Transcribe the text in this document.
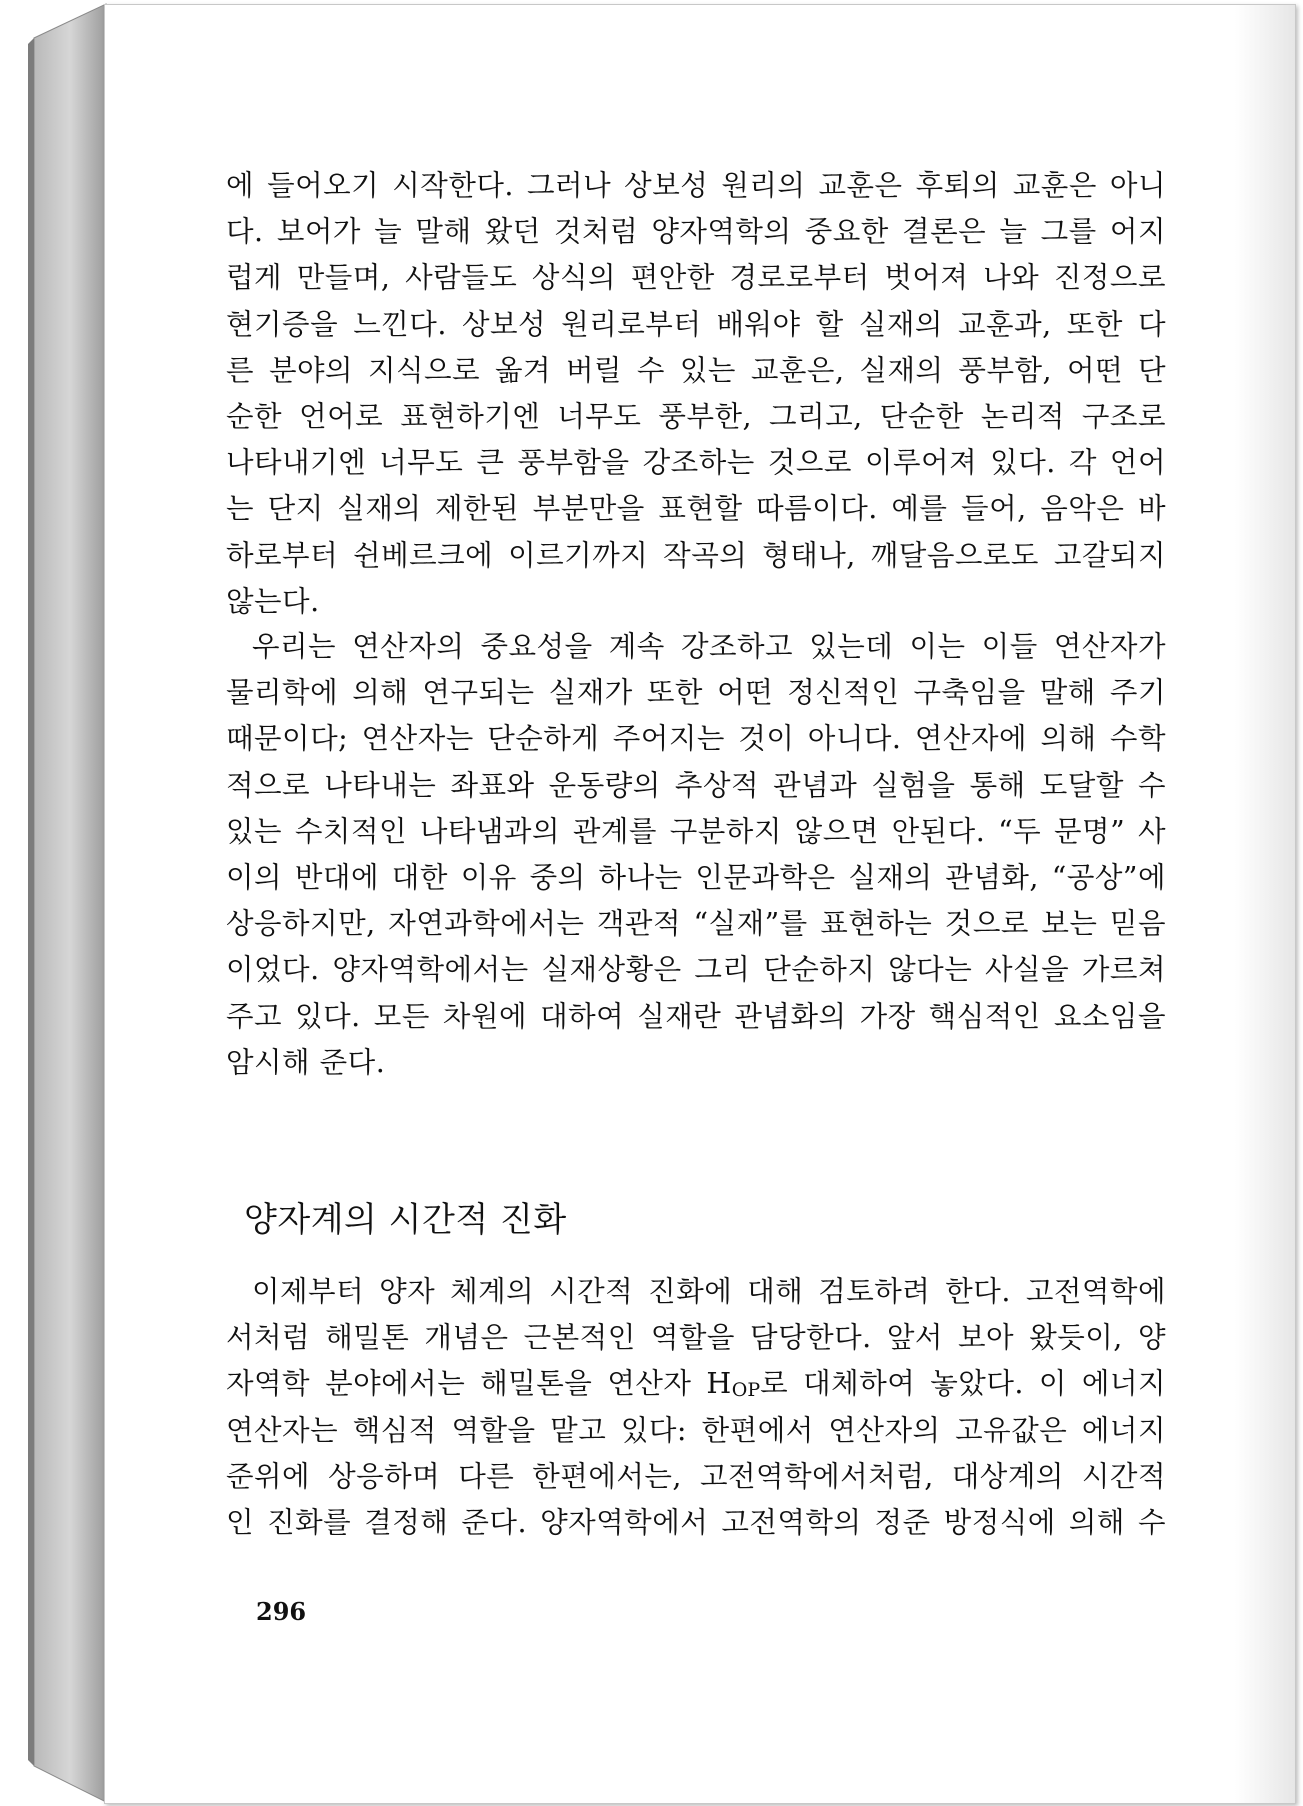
에 들어오기 시작한다. 그러나 상보성 원리의 교훈은 후퇴의 교훈은 아니
다. 보어가 늘 말해 왔던 것처럼 양자역학의 중요한 결론은 늘 그를 어지
럽게 만들며, 사람들도 상식의 편안한 경로로부터 벗어져 나와 진정으로
현기증을 느낀다. 상보성 원리로부터 배워야 할 실재의 교훈과, 또한 다
른 분야의 지식으로 옮겨 버릴 수 있는 교훈은, 실재의 풍부함, 어떤 단
순한 언어로 표현하기엔 너무도 풍부한, 그리고, 단순한 논리적 구조로
나타내기엔 너무도 큰 풍부함을 강조하는 것으로 이루어져 있다. 각 언어
는 단지 실재의 제한된 부분만을 표현할 따름이다. 예를 들어, 음악은 바
하로부터 쉰베르크에 이르기까지 작곡의 형태나, 깨달음으로도 고갈되지
않는다.
우리는 연산자의 중요성을 계속 강조하고 있는데 이는 이들 연산자가
물리학에 의해 연구되는 실재가 또한 어떤 정신적인 구축임을 말해 주기
때문이다; 연산자는 단순하게 주어지는 것이 아니다. 연산자에 의해 수학
적으로 나타내는 좌표와 운동량의 추상적 관념과 실험을 통해 도달할 수
있는 수치적인 나타냄과의 관계를 구분하지 않으면 안된다. “두 문명” 사
이의 반대에 대한 이유 중의 하나는 인문과학은 실재의 관념화, “공상”에
상응하지만, 자연과학에서는 객관적 “실재”를 표현하는 것으로 보는 믿음
이었다. 양자역학에서는 실재상황은 그리 단순하지 않다는 사실을 가르쳐
주고 있다. 모든 차원에 대하여 실재란 관념화의 가장 핵심적인 요소임을
암시해 준다.
양자계의 시간적 진화
이제부터 양자 체계의 시간적 진화에 대해 검토하려 한다. 고전역학에
서처럼 해밀톤 개념은 근본적인 역할을 담당한다. 앞서 보아 왔듯이, 양
자역학 분야에서는 해밀톤을 연산자 HOP로 대체하여 놓았다. 이 에너지
연산자는 핵심적 역할을 맡고 있다: 한편에서 연산자의 고유값은 에너지
준위에 상응하며 다른 한편에서는, 고전역학에서처럼, 대상계의 시간적
인 진화를 결정해 준다. 양자역학에서 고전역학의 정준 방정식에 의해 수
296
